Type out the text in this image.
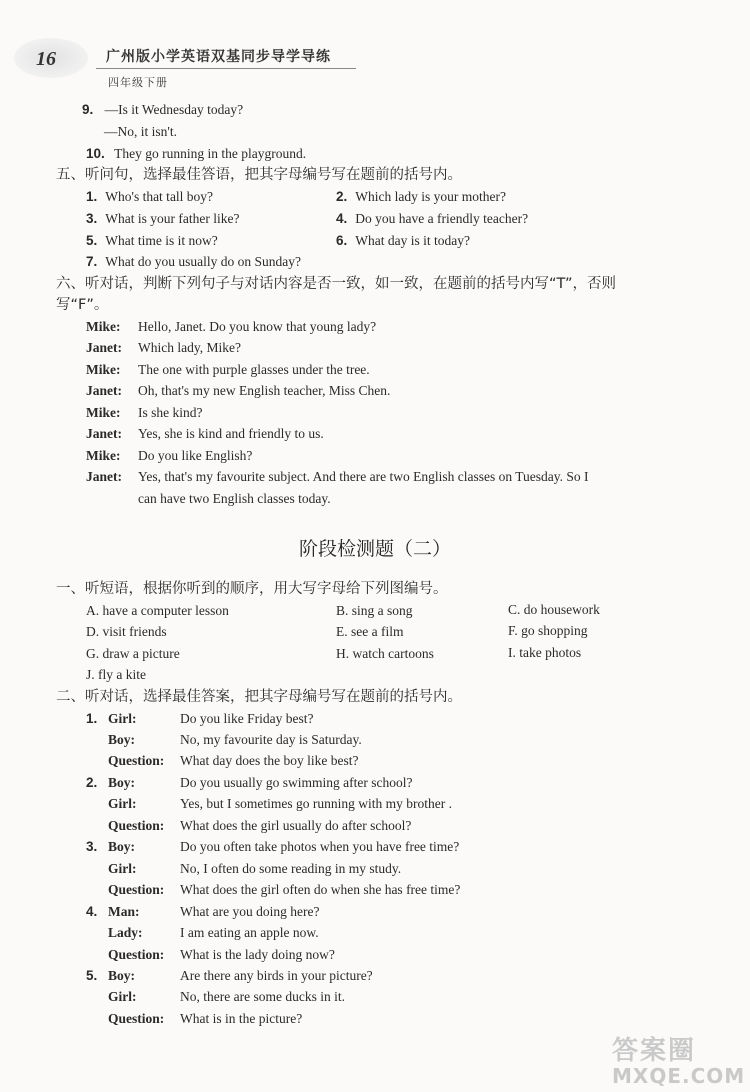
16	广州版小学英语双基同步导学导练
四年级下册
9. —Is it Wednesday today?
—No, it isn't.
10. They go running in the playground.
五、听问句，选择最佳答语，把其字母编号写在题前的括号内。
1. Who's that tall boy?	2. Which lady is your mother?
3. What is your father like?	4. Do you have a friendly teacher?
5. What time is it now?	6. What day is it today?
7. What do you usually do on Sunday?
六、听对话，判断下列句子与对话内容是否一致，如一致，在题前的括号内写“T”，否则
写“F”。
Mike: Hello, Janet. Do you know that young lady?
Janet: Which lady, Mike?
Mike: The one with purple glasses under the tree.
Janet: Oh, that's my new English teacher, Miss Chen.
Mike: Is she kind?
Janet: Yes, she is kind and friendly to us.
Mike: Do you like English?
Janet: Yes, that's my favourite subject. And there are two English classes on Tuesday. So I
can have two English classes today.
阶段检测题（二）
一、听短语，根据你听到的顺序，用大写字母给下列图编号。
A. have a computer lesson	B. sing a song	C. do housework
D. visit friends	E. see a film	F. go shopping
G. draw a picture	H. watch cartoons	I. take photos
J. fly a kite
二、听对话，选择最佳答案，把其字母编号写在题前的括号内。
1. Girl:	Do you like Friday best?
Boy:	No, my favourite day is Saturday.
Question: What day does the boy like best?
2. Boy:	Do you usually go swimming after school?
Girl:	Yes, but I sometimes go running with my brother .
Question: What does the girl usually do after school?
3. Boy:	Do you often take photos when you have free time?
Girl:	No, I often do some reading in my study.
Question: What does the girl often do when she has free time?
4. Man:	What are you doing here?
Lady:	I am eating an apple now.
Question: What is the lady doing now?
5. Boy:	Are there any birds in your picture?
Girl:	No, there are some ducks in it.
Question: What is in the picture?
答案圈
MXQE.COM
